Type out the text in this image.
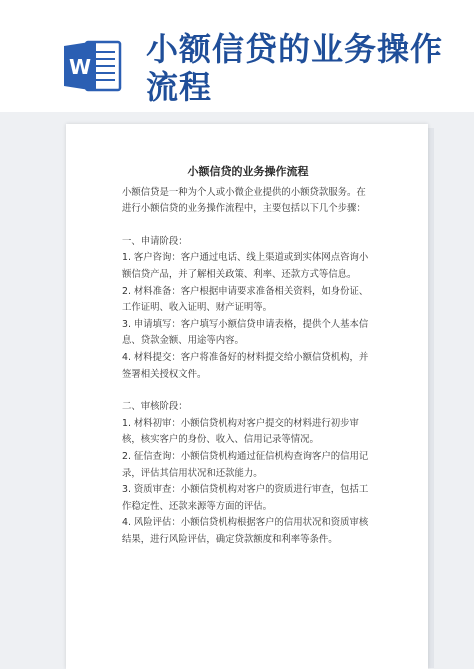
W 小额信贷的业务操作流程
小额信贷的业务操作流程

小额信贷是一种为个人或小微企业提供的小额贷款服务。在进行小额信贷的业务操作流程中，主要包括以下几个步骤：

一、申请阶段：

1. 客户咨询：客户通过电话、线上渠道或到实体网点咨询小额信贷产品，并了解相关政策、利率、还款方式等信息。

2. 材料准备：客户根据申请要求准备相关资料，如身份证、工作证明、收入证明、财产证明等。

3. 申请填写：客户填写小额信贷申请表格，提供个人基本信息、贷款金额、用途等内容。

4. 材料提交：客户将准备好的材料提交给小额信贷机构，并签署相关授权文件。

二、审核阶段：

1. 材料初审：小额信贷机构对客户提交的材料进行初步审核，核实客户的身份、收入、信用记录等情况。

2. 征信查询：小额信贷机构通过征信机构查询客户的信用记录，评估其信用状况和还款能力。

3. 资质审查：小额信贷机构对客户的资质进行审查，包括工作稳定性、还款来源等方面的评估。

4. 风险评估：小额信贷机构根据客户的信用状况和资质审核结果，进行风险评估，确定贷款额度和利率等条件。
